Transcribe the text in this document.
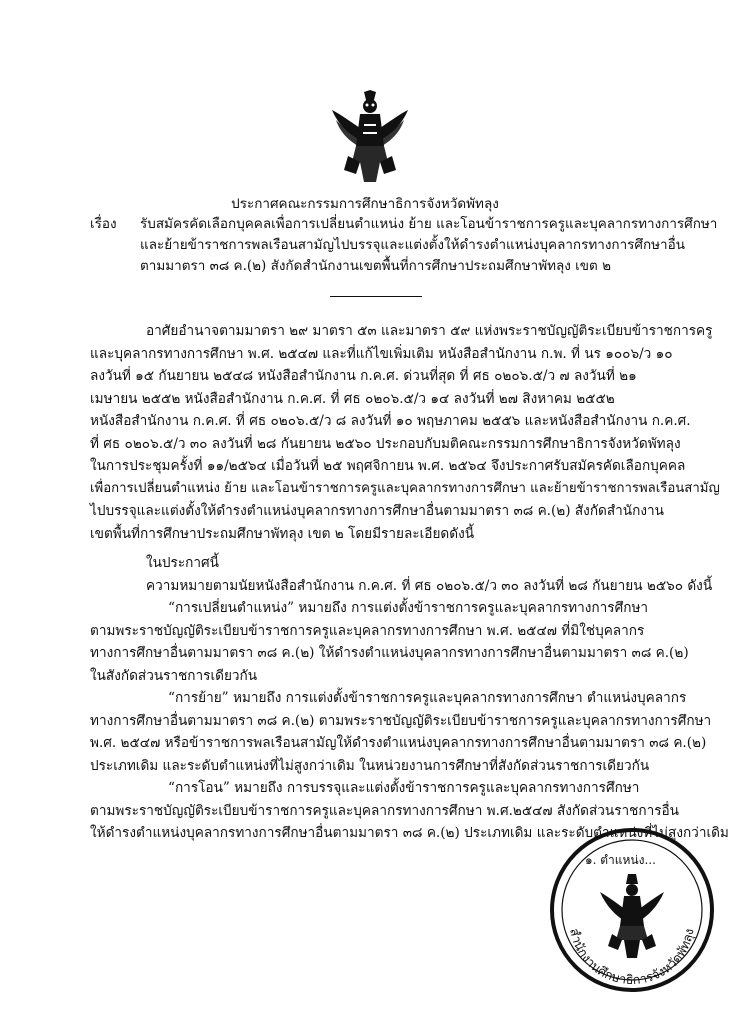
ประกาศคณะกรรมการศึกษาธิการจังหวัดพัทลุง
เรื่อง รับสมัครคัดเลือกบุคคลเพื่อการเปลี่ยนตำแหน่ง ย้าย และโอนข้าราชการครูและบุคลากรทางการศึกษา
และย้ายข้าราชการพลเรือนสามัญไปบรรจุและแต่งตั้งให้ดำรงตำแหน่งบุคลากรทางการศึกษาอื่น
ตามมาตรา ๓๘ ค.(๒) สังกัดสำนักงานเขตพื้นที่การศึกษาประถมศึกษาพัทลุง เขต ๒
อาศัยอำนาจตามมาตรา ๒๙ มาตรา ๕๓ และมาตรา ๕๙ แห่งพระราชบัญญัติระเบียบข้าราชการครู
และบุคลากรทางการศึกษา พ.ศ. ๒๕๔๗ และที่แก้ไขเพิ่มเติม หนังสือสำนักงาน ก.พ. ที่ นร ๑๐๐๖/ว ๑๐
ลงวันที่ ๑๕ กันยายน ๒๕๔๘ หนังสือสำนักงาน ก.ค.ศ. ด่วนที่สุด ที่ ศธ ๐๒๐๖.๕/ว ๗ ลงวันที่ ๒๑
เมษายน ๒๕๕๒ หนังสือสำนักงาน ก.ค.ศ. ที่ ศธ ๐๒๐๖.๕/ว ๑๔ ลงวันที่ ๒๗ สิงหาคม ๒๕๕๒
หนังสือสำนักงาน ก.ค.ศ. ที่ ศธ ๐๒๐๖.๕/ว ๘ ลงวันที่ ๑๐ พฤษภาคม ๒๕๕๖ และหนังสือสำนักงาน ก.ค.ศ.
ที่ ศธ ๐๒๐๖.๕/ว ๓๐ ลงวันที่ ๒๘ กันยายน ๒๕๖๐ ประกอบกับมติคณะกรรมการศึกษาธิการจังหวัดพัทลุง
ในการประชุมครั้งที่ ๑๑/๒๕๖๔ เมื่อวันที่ ๒๕ พฤศจิกายน พ.ศ. ๒๕๖๔ จึงประกาศรับสมัครคัดเลือกบุคคล
เพื่อการเปลี่ยนตำแหน่ง ย้าย และโอนข้าราชการครูและบุคลากรทางการศึกษา และย้ายข้าราชการพลเรือนสามัญ
ไปบรรจุและแต่งตั้งให้ดำรงตำแหน่งบุคลากรทางการศึกษาอื่นตามมาตรา ๓๘ ค.(๒) สังกัดสำนักงาน
เขตพื้นที่การศึกษาประถมศึกษาพัทลุง เขต ๒ โดยมีรายละเอียดดังนี้
ในประกาศนี้
ความหมายตามนัยหนังสือสำนักงาน ก.ค.ศ. ที่ ศธ ๐๒๐๖.๕/ว ๓๐ ลงวันที่ ๒๘ กันยายน ๒๕๖๐ ดังนี้
“การเปลี่ยนตำแหน่ง” หมายถึง การแต่งตั้งข้าราชการครูและบุคลากรทางการศึกษา
ตามพระราชบัญญัติระเบียบข้าราชการครูและบุคลากรทางการศึกษา พ.ศ. ๒๕๔๗ ที่มิใช่บุคลากร
ทางการศึกษาอื่นตามมาตรา ๓๘ ค.(๒) ให้ดำรงตำแหน่งบุคลากรทางการศึกษาอื่นตามมาตรา ๓๘ ค.(๒)
ในสังกัดส่วนราชการเดียวกัน
“การย้าย” หมายถึง การแต่งตั้งข้าราชการครูและบุคลากรทางการศึกษา ตำแหน่งบุคลากร
ทางการศึกษาอื่นตามมาตรา ๓๘ ค.(๒) ตามพระราชบัญญัติระเบียบข้าราชการครูและบุคลากรทางการศึกษา
พ.ศ. ๒๕๔๗ หรือข้าราชการพลเรือนสามัญให้ดำรงตำแหน่งบุคลากรทางการศึกษาอื่นตามมาตรา ๓๘ ค.(๒)
ประเภทเดิม และระดับตำแหน่งที่ไม่สูงกว่าเดิม ในหน่วยงานการศึกษาที่สังกัดส่วนราชการเดียวกัน
“การโอน” หมายถึง การบรรจุและแต่งตั้งข้าราชการครูและบุคลากรทางการศึกษา
ตามพระราชบัญญัติระเบียบข้าราชการครูและบุคลากรทางการศึกษา พ.ศ.๒๕๔๗ สังกัดส่วนราชการอื่น
ให้ดำรงตำแหน่งบุคลากรทางการศึกษาอื่นตามมาตรา ๓๘ ค.(๒) ประเภทเดิม และระดับตำแหน่งที่ไม่สูงกว่าเดิม
สำนักงานศึกษาธิการจังหวัดพัทลุง
๑. ตำแหน่ง...
